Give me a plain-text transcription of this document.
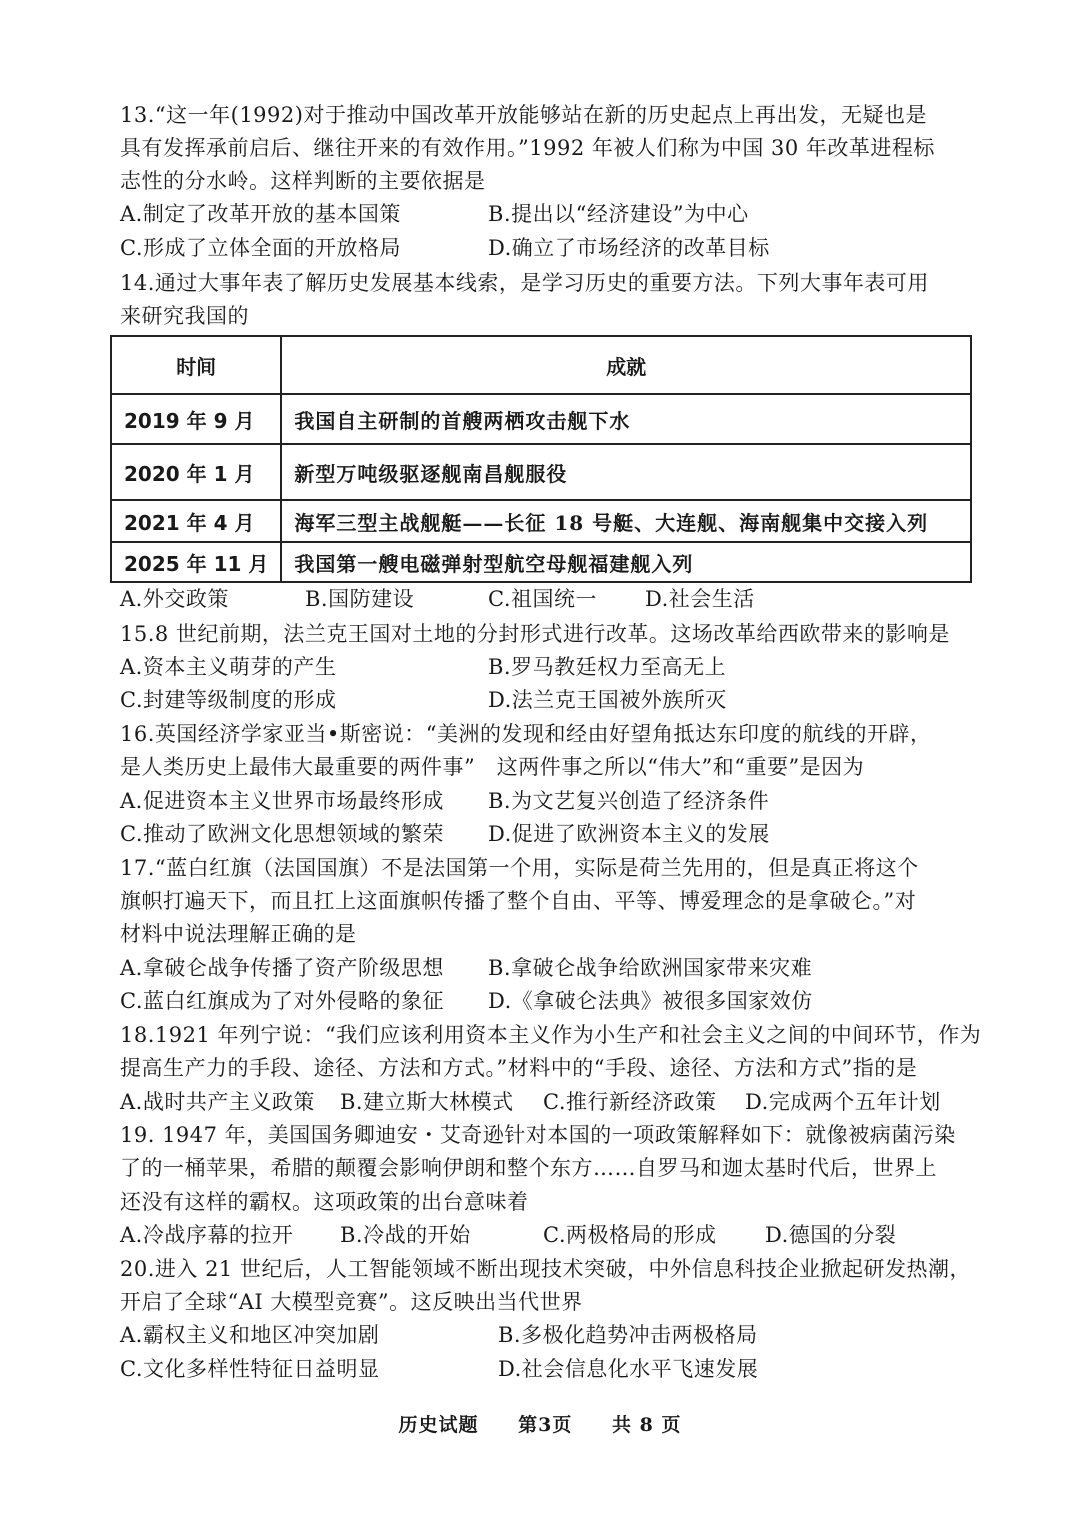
13.“这一年(1992)对于推动中国改革开放能够站在新的历史起点上再出发，无疑也是
具有发挥承前启后、继往开来的有效作用。”1992 年被人们称为中国 30 年改革进程标
志性的分水岭。这样判断的主要依据是
A.制定了改革开放的基本国策	B.提出以“经济建设”为中心
C.形成了立体全面的开放格局	D.确立了市场经济的改革目标
14.通过大事年表了解历史发展基本线索，是学习历史的重要方法。下列大事年表可用
来研究我国的
时间	成就
2019 年 9 月	我国自主研制的首艘两栖攻击舰下水
2020 年 1 月	新型万吨级驱逐舰南昌舰服役
2021 年 4 月	海军三型主战舰艇——长征 18 号艇、大连舰、海南舰集中交接入列
2025 年 11 月	我国第一艘电磁弹射型航空母舰福建舰入列
A.外交政策	B.国防建设	C.祖国统一 D.社会生活
15.8 世纪前期，法兰克王国对土地的分封形式进行改革。这场改革给西欧带来的影响是
A.资本主义萌芽的产生	B.罗马教廷权力至高无上
C.封建等级制度的形成	D.法兰克王国被外族所灭
16.英国经济学家亚当•斯密说：“美洲的发现和经由好望角抵达东印度的航线的开辟，
是人类历史上最伟大最重要的两件事”　这两件事之所以“伟大”和“重要”是因为
A.促进资本主义世界市场最终形成 B.为文艺复兴创造了经济条件
C.推动了欧洲文化思想领域的繁荣 D.促进了欧洲资本主义的发展
17.“蓝白红旗（法国国旗）不是法国第一个用，实际是荷兰先用的，但是真正将这个
旗帜打遍天下，而且扛上这面旗帜传播了整个自由、平等、博爱理念的是拿破仑。”对
材料中说法理解正确的是
A.拿破仑战争传播了资产阶级思想 B.拿破仑战争给欧洲国家带来灾难
C.蓝白红旗成为了对外侵略的象征 D.《拿破仑法典》被很多国家效仿
18.1921 年列宁说：“我们应该利用资本主义作为小生产和社会主义之间的中间环节，作为
提高生产力的手段、途径、方法和方式。”材料中的“手段、途径、方法和方式”指的是
A.战时共产主义政策 B.建立斯大林模式 C.推行新经济政策 D.完成两个五年计划
19. 1947 年，美国国务卿迪安・艾奇逊针对本国的一项政策解释如下：就像被病菌污染
了的一桶苹果，希腊的颠覆会影响伊朗和整个东方……自罗马和迦太基时代后，世界上
还没有这样的霸权。这项政策的出台意味着
A.冷战序幕的拉开 B.冷战的开始	C.两极格局的形成 D.德国的分裂
20.进入 21 世纪后，人工智能领域不断出现技术突破，中外信息科技企业掀起研发热潮，
开启了全球“AI 大模型竞赛”。这反映出当代世界
A.霸权主义和地区冲突加剧	B.多极化趋势冲击两极格局
C.文化多样性特征日益明显	D.社会信息化水平飞速发展
历史试题 第3页 共 8 页
